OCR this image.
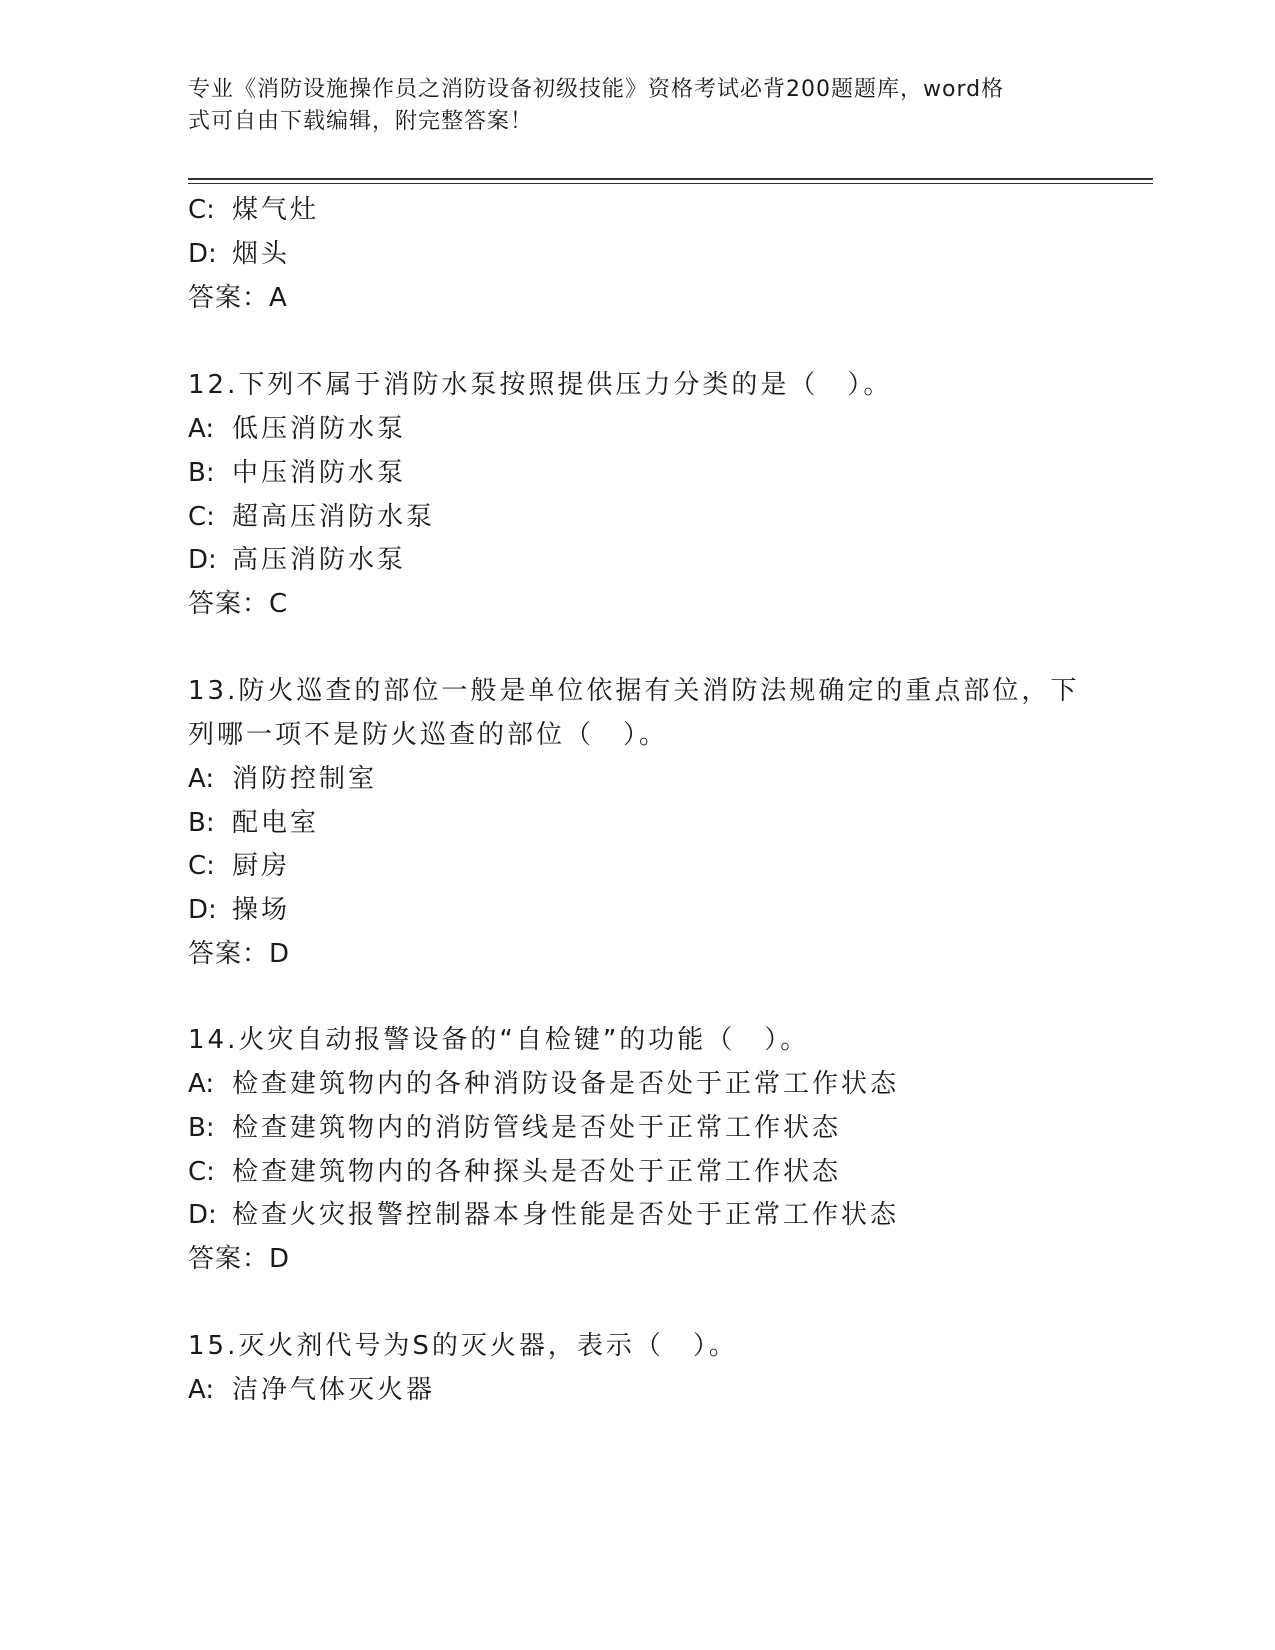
专业《消防设施操作员之消防设备初级技能》资格考试必背200题题库，word格
式可自由下载编辑，附完整答案！
C: 煤气灶
D: 烟头
答案：A
12.下列不属于消防水泵按照提供压力分类的是（　）。
A: 低压消防水泵
B: 中压消防水泵
C: 超高压消防水泵
D: 高压消防水泵
答案：C
13.防火巡查的部位一般是单位依据有关消防法规确定的重点部位，下
列哪一项不是防火巡查的部位（　）。
A: 消防控制室
B: 配电室
C: 厨房
D: 操场
答案：D
14.火灾自动报警设备的“自检键”的功能（　）。
A: 检查建筑物内的各种消防设备是否处于正常工作状态
B: 检查建筑物内的消防管线是否处于正常工作状态
C: 检查建筑物内的各种探头是否处于正常工作状态
D: 检查火灾报警控制器本身性能是否处于正常工作状态
答案：D
15.灭火剂代号为S的灭火器，表示（　）。
A: 洁净气体灭火器
